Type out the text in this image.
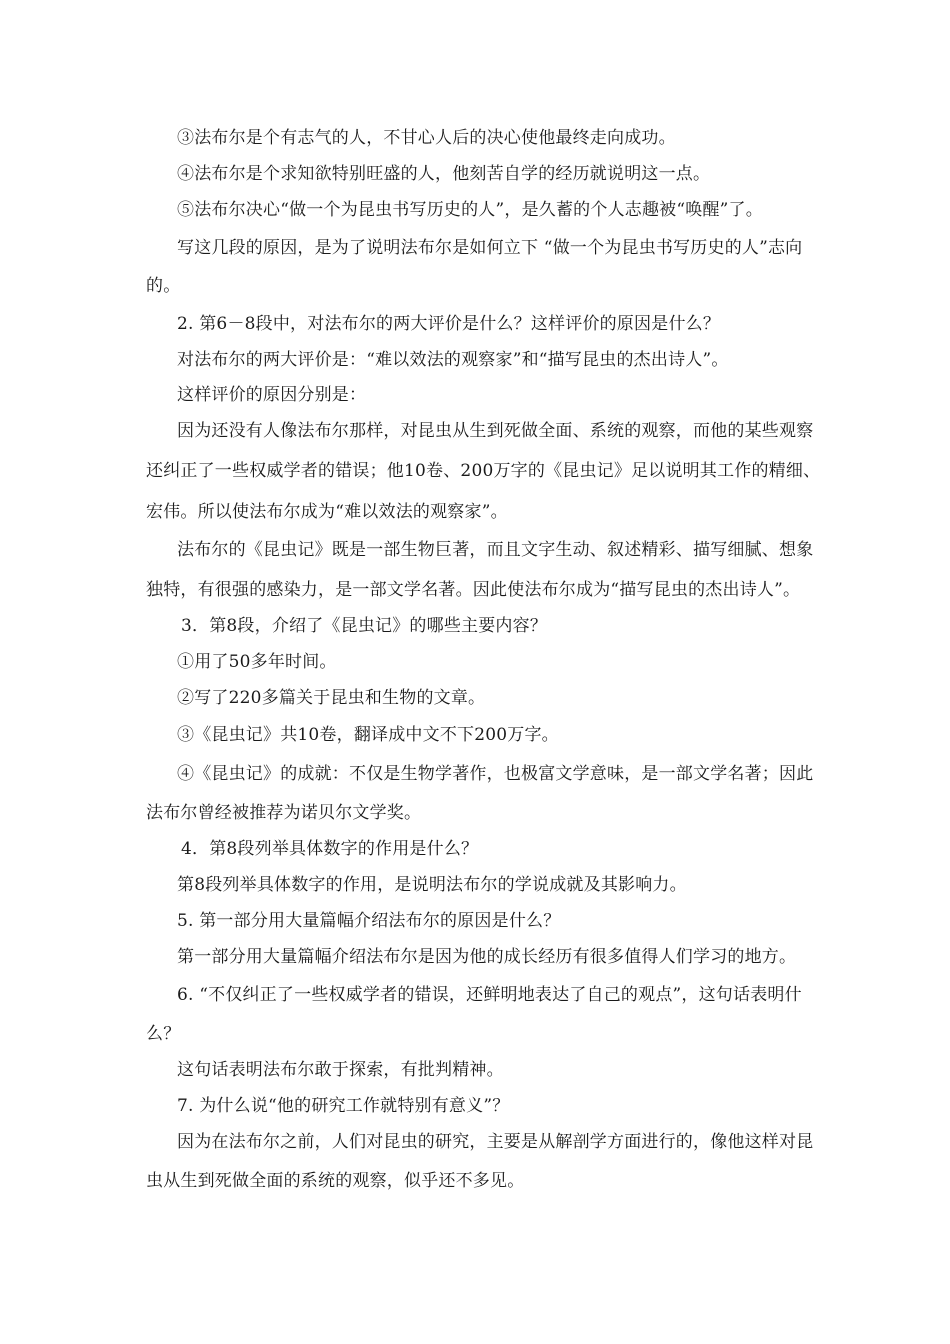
③法布尔是个有志气的人，不甘心人后的决心使他最终走向成功。
④法布尔是个求知欲特别旺盛的人，他刻苦自学的经历就说明这一点。
⑤法布尔决心“做一个为昆虫书写历史的人”，是久蓄的个人志趣被“唤醒”了。
写这几段的原因，是为了说明法布尔是如何立下 “做一个为昆虫书写历史的人”志向
的。
2. 第6－8段中，对法布尔的两大评价是什么？这样评价的原因是什么？
对法布尔的两大评价是：“难以效法的观察家”和“描写昆虫的杰出诗人”。
这样评价的原因分别是：
因为还没有人像法布尔那样，对昆虫从生到死做全面、系统的观察，而他的某些观察
还纠正了一些权威学者的错误；他10卷、200万字的《昆虫记》足以说明其工作的精细、
宏伟。所以使法布尔成为“难以效法的观察家”。
法布尔的《昆虫记》既是一部生物巨著，而且文字生动、叙述精彩、描写细腻、想象
独特，有很强的感染力，是一部文学名著。因此使法布尔成为“描写昆虫的杰出诗人”。
3．第8段，介绍了《昆虫记》的哪些主要内容？
①用了50多年时间。
②写了220多篇关于昆虫和生物的文章。
③《昆虫记》共10卷，翻译成中文不下200万字。
④《昆虫记》的成就：不仅是生物学著作，也极富文学意味，是一部文学名著；因此
法布尔曾经被推荐为诺贝尔文学奖。
4．第8段列举具体数字的作用是什么？
第8段列举具体数字的作用，是说明法布尔的学说成就及其影响力。
5. 第一部分用大量篇幅介绍法布尔的原因是什么？
第一部分用大量篇幅介绍法布尔是因为他的成长经历有很多值得人们学习的地方。
6. “不仅纠正了一些权威学者的错误，还鲜明地表达了自己的观点”，这句话表明什
么？
这句话表明法布尔敢于探索，有批判精神。
7. 为什么说“他的研究工作就特别有意义”？
因为在法布尔之前，人们对昆虫的研究，主要是从解剖学方面进行的，像他这样对昆
虫从生到死做全面的系统的观察，似乎还不多见。
